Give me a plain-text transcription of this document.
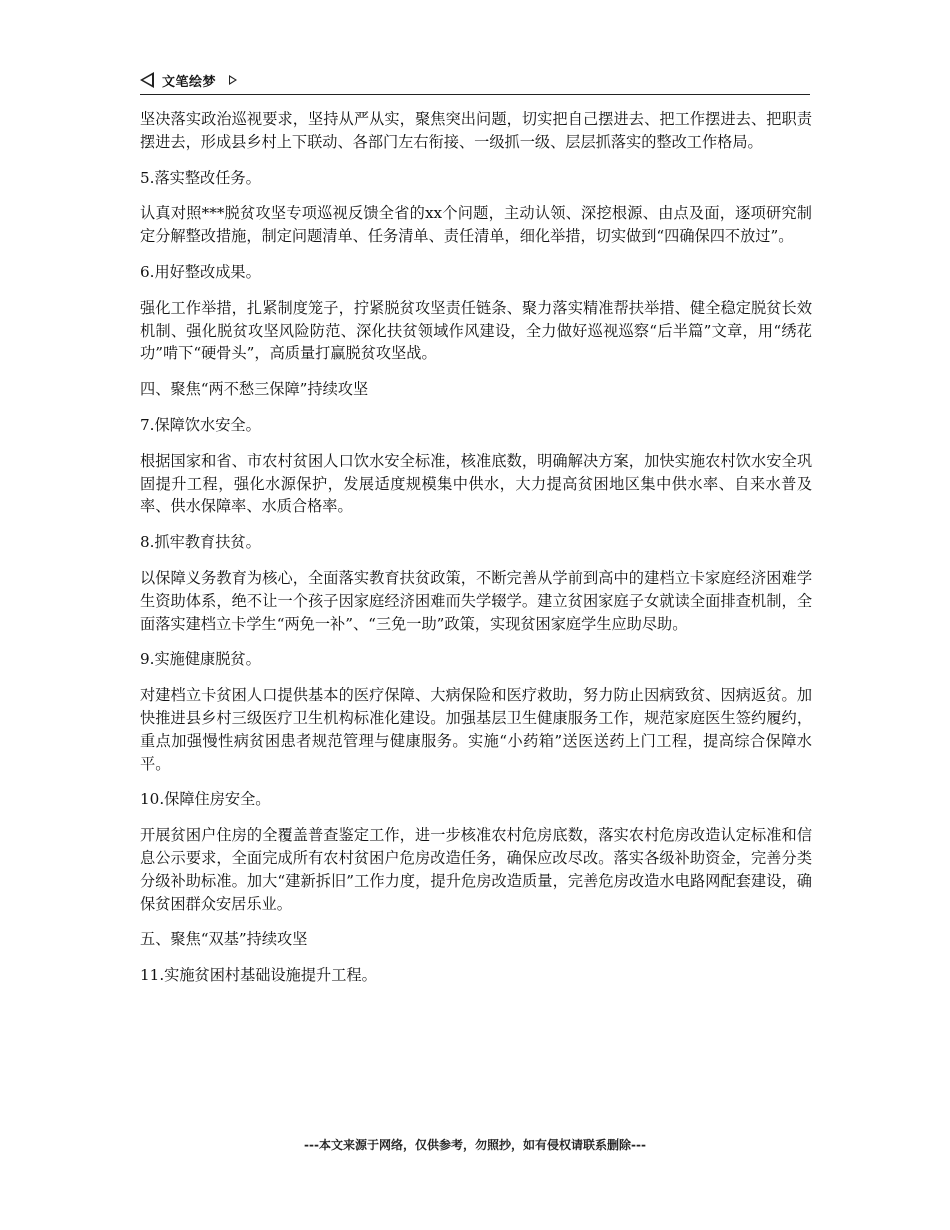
文笔绘梦

坚决落实政治巡视要求，坚持从严从实，聚焦突出问题，切实把自己摆进去、把工作摆进去、把职责摆进去，形成县乡村上下联动、各部门左右衔接、一级抓一级、层层抓落实的整改工作格局。

5.落实整改任务。

认真对照***脱贫攻坚专项巡视反馈全省的xx个问题，主动认领、深挖根源、由点及面，逐项研究制定分解整改措施，制定问题清单、任务清单、责任清单，细化举措，切实做到“四确保四不放过”。

6.用好整改成果。

强化工作举措，扎紧制度笼子，拧紧脱贫攻坚责任链条、聚力落实精准帮扶举措、健全稳定脱贫长效机制、强化脱贫攻坚风险防范、深化扶贫领域作风建设，全力做好巡视巡察“后半篇”文章，用“绣花功”啃下“硬骨头”，高质量打赢脱贫攻坚战。

四、聚焦“两不愁三保障”持续攻坚

7.保障饮水安全。

根据国家和省、市农村贫困人口饮水安全标准，核准底数，明确解决方案，加快实施农村饮水安全巩固提升工程，强化水源保护，发展适度规模集中供水，大力提高贫困地区集中供水率、自来水普及率、供水保障率、水质合格率。

8.抓牢教育扶贫。

以保障义务教育为核心，全面落实教育扶贫政策，不断完善从学前到高中的建档立卡家庭经济困难学生资助体系，绝不让一个孩子因家庭经济困难而失学辍学。建立贫困家庭子女就读全面排查机制，全面落实建档立卡学生“两免一补”、“三免一助”政策，实现贫困家庭学生应助尽助。

9.实施健康脱贫。

对建档立卡贫困人口提供基本的医疗保障、大病保险和医疗救助，努力防止因病致贫、因病返贫。加快推进县乡村三级医疗卫生机构标准化建设。加强基层卫生健康服务工作，规范家庭医生签约履约，重点加强慢性病贫困患者规范管理与健康服务。实施“小药箱”送医送药上门工程，提高综合保障水平。

10.保障住房安全。

开展贫困户住房的全覆盖普查鉴定工作，进一步核准农村危房底数，落实农村危房改造认定标准和信息公示要求，全面完成所有农村贫困户危房改造任务，确保应改尽改。落实各级补助资金，完善分类分级补助标准。加大“建新拆旧”工作力度，提升危房改造质量，完善危房改造水电路网配套建设，确保贫困群众安居乐业。

五、聚焦“双基”持续攻坚

11.实施贫困村基础设施提升工程。

---本文来源于网络，仅供参考，勿照抄，如有侵权请联系删除---
